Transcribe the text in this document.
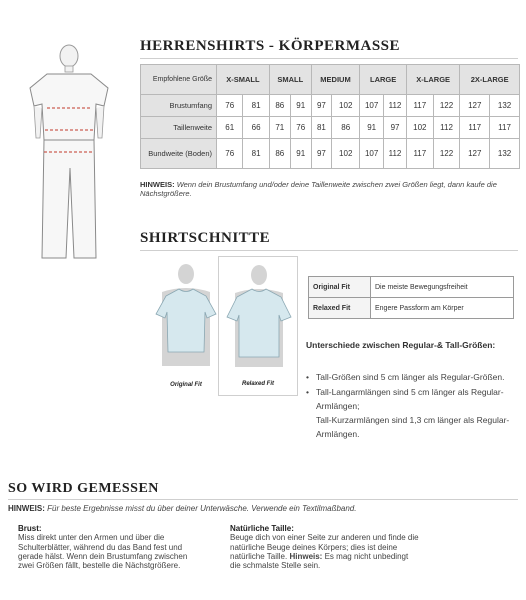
HERRENSHIRTS - KÖRPERMASSE
Empfohlene Größe	X-SMALL		SMALL		MEDIUM		LARGE		X-LARGE		2X-LARGE	
Brustumfang	76	81	86	91	97	102	107	112	117	122	127	132
Taillenweite	61	66	71	76	81	86	91	97	102	112	117	117
Bundweite (Boden)	76	81	86	91	97	102	107	112	117	122	127	132
HINWEIS: Wenn dein Brustumfang und/oder deine Taillenweite zwischen zwei Größen liegt, dann kaufe die Nächstgrößere.
SHIRTSCHNITTE
Original Fit	Relaxed Fit
Original Fit	Die meiste Bewegungsfreiheit
Relaxed Fit	Engere Passform am Körper
Unterschiede zwischen Regular-& Tall-Größen:
• Tall-Größen sind 5 cm länger als Regular-Größen.
• Tall-Langarmlängen sind 5 cm länger als Regular-Armlängen;
Tall-Kurzarmlängen sind 1,3 cm länger als Regular-Armlängen.
SO WIRD GEMESSEN
HINWEIS: Für beste Ergebnisse misst du über deiner Unterwäsche. Verwende ein Textilmaßband.
Brust:
Miss direkt unter den Armen und über die Schulterblätter, während du das Band fest und gerade hälst. Wenn dein Brustumfang zwischen zwei Größen fällt, bestelle die Nächstgrößere.
Natürliche Taille:
Beuge dich von einer Seite zur anderen und finde die natürliche Beuge deines Körpers; dies ist deine natürliche Taille. Hinweis: Es mag nicht unbedingt die schmalste Stelle sein.
